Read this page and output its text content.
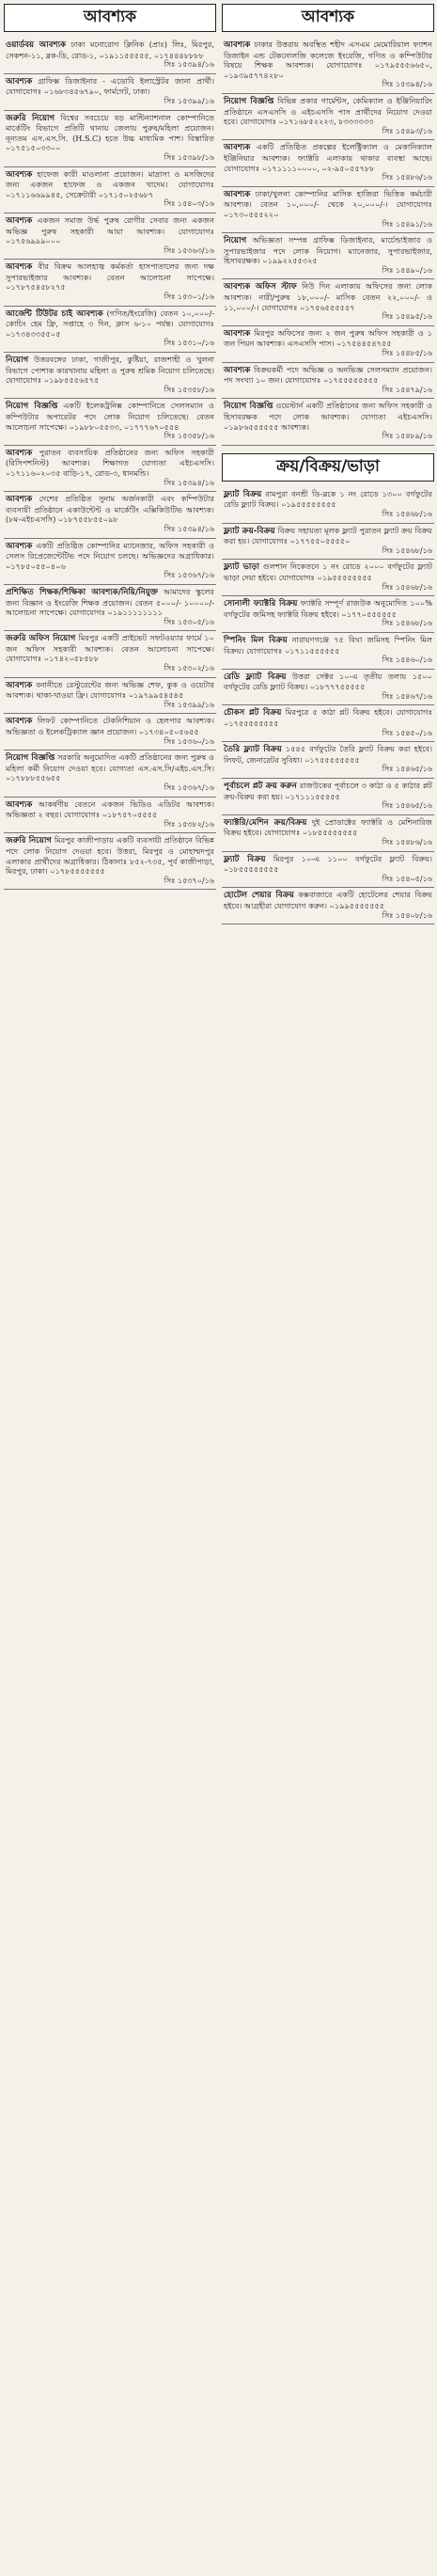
আবশ্যক
ওয়ার্ডবয় আবশ্যক ঢাকা মনোরোগ ক্লিনিক (প্রাঃ) লিঃ, মিরপুর, সেকশন-১১, ব্লক-ডি, রোড-১, ০১৯১১৫৫৫৫৫, ০১৭৪৪৪৮৮৮৮
সিঃ ১৫৩৯৪/১৬
আবশ্যক গ্রাফিক্স ডিজাইনার - এডোবি ইলাস্ট্রেটর জানা প্রার্থী। যোগাযোগঃ ০১৬৮৩৪৫৬৭৯০, ফার্মগেট, ঢাকা।
সিঃ ১৫৩৯৯/১৬
জরুরি নিয়োগ বিশ্বের সবচেয়ে বড় মাল্টিন্যাশনাল কোম্পানিতে মার্কেটিং বিভাগে প্রতিটি থানায় জেলায় পুরুষ/মহিলা প্রয়োজন। নূন্যতম এস.এস.সি. (H.S.C) হতে উচ্চ মাধ্যমিক পাশ। বিস্তারিত ০১৭৫১৫০৩৩০০
সিঃ ১৫৩৯৮/১৬
আবশ্যক হাফেজ কারী মাওলানা প্রয়োজন। মাদ্রাসা ও মসজিদের জন্য একজন হাফেজ ও একজন খাদেম। যোগাযোগঃ ০১৭১১৬৬৯৯৪৫, সেক্রেটারী ০১৭১৫০২৫৬৮৭
সিঃ ১৫৪০৩/১৬
আবশ্যক একজন সমাজ উর্দ্ধ পুরুষ রোগীর সেবার জন্য একজন অভিজ্ঞ পুরুষ সহকারী আয়া আবশ্যক। যোগাযোগঃ ০১৭৫৬৯৯৯০০০
সিঃ ১৫৩৬৩/১৬
আবশ্যক বীর বিক্রম আলহাজ্ব কর্মকর্তা হাসপাতালের জন্য দক্ষ সুপারভাইজার আবশ্যক। বেতন আলোচনা সাপেক্ষে। ০১৭৮৭৫৪৫৮২৭৫
সিঃ ১৫৩০১/১৬
আর্জেন্ট টিউটর চাই আবশ্যক (গণিত/ইংরেজি) বেতন ১০,০০০/- কোচিং হেম ফ্রি, সপ্তাহে ৩ দিন, ক্লাস ৬-১০ পর্যন্ত। যোগাযোগঃ ০১৭৩৪৩৩৫৫০৫
সিঃ ১৫৩১০/১৬
নিয়োগ উত্তরবঙ্গের ঢাকা, গাজীপুর, কুষ্টিয়া, রাজশাহী ও খুলনা বিভাগে পোশাক কারখানায় মহিলা ও পুরুষ শ্রমিক নিয়োগ চলিতেছে। যোগাযোগঃ ০১৯৮৫৫৫৬৫৭৫
সিঃ ১৫৩৫৮/১৬
নিয়োগ বিজ্ঞপ্তি একটি ইলেকট্রনিক্স কোম্পানিতে সেলসম্যান ও কম্পিউটার অপারেটর পদে লোক নিয়োগ চলিতেছে। বেতন আলোচনা সাপেক্ষে। ০১৯৮৮০৫৫৩৩, ০১৭৭৭৬৭০৫৫৪
সিঃ ১৫৩৫৮/১৬
আবশ্যক পুরাতন ব্যবসায়িক প্রতিষ্ঠানের জন্য অফিস সহকারী (রিসিপশনিস্ট) আবশ্যক। শিক্ষাগত যোগ্যতা এইচএসসি। ০১৭১১৬০২০৩৫ বাড়ি-১৭, রোড-৩, ধানমন্ডি।
সিঃ ১৫৩৯৪/১৬
আবশ্যক দেশের প্রতিষ্ঠিত সুনাম অর্জনকারী এবং কম্পিউটার ব্যবসায়ী প্রতিষ্ঠানে একাউন্টেন্ট ও মার্কেটিং এক্সিকিউটিভ আবশ্যক। (৮ম-এইচএসসি) ০১৮৭৫৫৮৫৫০৯৮
সিঃ ১৫৩৯৪/১৬
আবশ্যক একটি প্রতিষ্ঠিত কোম্পানির ম্যানেজার, অফিস সহকারী ও সেলস রিপ্রেজেন্টেটিভ পদে নিয়োগ চলছে। অভিজ্ঞদের অগ্রাধিকার। ০১৭৮৫০৫৫০৪০৬
সিঃ ১৫৩৬৭/১৬
প্রশিক্ষিত শিক্ষক/শিক্ষিকা আবশ্যক/নিয়ি/নিযুক্ত আমাদের স্কুলের জন্য বিজ্ঞান ও ইংরেজি শিক্ষক প্রয়োজন। বেতন ৫০০০/- ১০০০০/- আলোচনা সাপেক্ষে। যোগাযোগঃ ০১৯১১১১১১১১
সিঃ ১৫৩০৫/১৬
জরুরি অফিস নিয়োগ মিরপুর একটি প্রাইভেট সফটওয়্যার ফার্মে ১০ জন অফিস সহকারী আবশ্যক। বেতন আলোচনা সাপেক্ষে। যোগাযোগঃ ০১৭৪২০৫৮৫৮৮
সিঃ ১৫৩০২/১৬
আবশ্যক বনানীতে রেস্টুরেন্টের জন্য অভিজ্ঞ শেফ, কুক ও ওয়েটার আবশ্যক। থাকা-খাওয়া ফ্রি। যোগাযোগঃ ০১৯৭৯৯৫৪৫৪৫
সিঃ ১৫৩৯৯/১৬
আবশ্যক লিফট কোম্পানিতে টেকনিশিয়ান ও হেলপার আবশ্যক। অভিজ্ঞতা ও ইলেকট্রিক্যাল জ্ঞান প্রয়োজন। ০১৭৩৪০৫০৫৬৫৫
সিঃ ১৫৩৬০/১৬
নিয়োগ বিজ্ঞপ্তি সরকারি অনুমোদিত একটি প্রতিষ্ঠানের জন্য পুরুষ ও মহিলা কর্মী নিয়োগ দেওয়া হবে। যোগ্যতা এস.এস.সি/এইচ.এস.সি। ০১৭৮৮৮৫৫৬৫৫
সিঃ ১৫৩৬৭/১৬
আবশ্যক আকর্ষণীয় বেতনে একজন ভিডিও এডিটর আবশ্যক। অভিজ্ঞতা ২ বছর। যোগাযোগঃ ০১৮৭৫৭০৫৫৫৫
সিঃ ১৫৩৮২/১৬
জরুরি নিয়োগ মিরপুর কাজীপাড়ায় একটি ব্যবসায়ী প্রতিষ্ঠানে বিভিন্ন পদে লোক নিয়োগ দেওয়া হবে। উত্তরা, মিরপুর ও মোহাম্মদপুর এলাকার প্রার্থীদের অগ্রাধিকার। ঠিকানাঃ ৮৫২-৭৩৫, পূর্ব কাজীপাড়া, মিরপুর, ঢাকা। ০১৭৮৫৫৫৫৫৫৫
সিঃ ১৫৩৭০/১৬
আবশ্যক
আবশ্যক ঢাকার উত্তরায় অবস্থিত শহীদ এসএম মেমোরিয়াল ফ্যাশন ডিজাইন এন্ড টেকনোলজি কলেজে ইংরেজি, গণিত ও কম্পিউটার বিষয়ে শিক্ষক আবশ্যক। যোগাযোগঃ ০১৭৯৫৫৫৬৬৫০, ০১৯৩৯৫৭৭৪২৮০
সিঃ ১৫৩৯৪/১৬
নিয়োগ বিজ্ঞপ্তি বিভিন্ন প্রকার গার্মেন্টস, কেমিক্যাল ও ইঞ্জিনিয়ারিং প্রতিষ্ঠানে এসএসসি ও এইচএসসি পাস প্রার্থীদের নিয়োগ দেওয়া হবে। যোগাযোগঃ ০১৭১৬৮৫২২২৩, ৮৩৩৩৩৩৩
সিঃ ১৫৪৯৩/১৬
আবশ্যক একটি প্রতিষ্ঠিত প্রকল্পের ইলেক্ট্রিক্যাল ও মেকানিক্যাল ইঞ্জিনিয়ার আবশ্যক। ফ্যাক্টরি এলাকায় থাকার ব্যবস্থা আছে। যোগাযোগঃ ০১৭১১১১০০০০, ০২-৯৫০৫৫৭৮৮
সিঃ ১৫৪৮৬/১৬
আবশ্যক ঢাকা/খুলনা কোম্পানির মাসিক হাজিরা ভিত্তিক কর্মচারী আবশ্যক। বেতন ১০,০০০/- থেকে ২০,০০০/-। যোগাযোগঃ ০১৭৩০৫৫৫২২০
সিঃ ১৫৪৯১/১৬
নিয়োগ অভিজ্ঞতা সম্পন্ন গ্রাফিক্স ডিজাইনার, মার্চেন্ডাইজার ও সুপারভাইজার পদে লোক নিয়োগ। ম্যানেজার, সুপারভাইজার, হিসাবরক্ষক। ০১৯৯২২৫৫৩২৫
সিঃ ১৫৪৯০/১৬
আবশ্যক অফিস স্টাফ নিউ দিন এলাকায় অফিসের জন্য লোক আবশ্যক। নারী/পুরুষ ১৮,০০০/- মাসিক বেতন ২২,০০০/- ও ১১,০০০/-। যোগাযোগঃ ০১৭৫৬৫৫৫৫৫৭
সিঃ ১৫৪৯৫/১৬
আবশ্যক মিরপুর অফিসের জন্য ২ জন পুরুষ অফিস সহকারী ও ১ জন পিয়ন আবশ্যক। এসএসসি পাস। ০১৭৫৪৪৫৪৭৫৫
সিঃ ১৫৪৮৫/১৬
আবশ্যক বিক্রয়কর্মী পদে অভিজ্ঞ ও অনভিজ্ঞ সেলসম্যান প্রয়োজন। পদ সংখ্যা ১০ জন। যোগাযোগঃ ০১৭৫৫৫৫৫৫৫৫
সিঃ ১৫৪৭৯/১৬
নিয়োগ বিজ্ঞপ্তি ওয়েস্টার্ন একটি প্রতিষ্ঠানের জন্য অফিস সহকারী ও হিসাবরক্ষক পদে লোক আবশ্যক। যোগ্যতা এইচএসসি। ০১৯৮৬৫৫৫৫৫৫ আবশ্যক।
সিঃ ১৫৪৮৯/১৬
ক্রয়/বিক্রয়/ভাড়া
ফ্ল্যাট বিক্রয় রামপুরা বনশ্রী ডি-ব্লকে ১ নং রোডে ১৩০০ বর্গফুটের রেডি ফ্ল্যাট বিক্রয়। ০১৯৫৫৫৫৫৫৫৫
সিঃ ১৫৪৬৮/১৬
ফ্ল্যাট ক্রয়-বিক্রয় বিক্রয় সহায়তা মূলক ফ্ল্যাট পুরাতন ফ্ল্যাট ক্রয় বিক্রয় করা হয়। যোগাযোগঃ ০১৭৭৫৫০৫৫৫৫০
সিঃ ১৫৪৬৮/১৬
ফ্ল্যাট ভাড়া গুলশান নিকেতনে ১ নং রোডে ২০০০ বর্গফুটের ফ্ল্যাট ভাড়া দেয়া হইবে। যোগাযোগঃ ০১৯৫৫৫৫৫৫৫৫
সিঃ ১৫৪৬৮/১৬
সোনালী ফ্যাক্টরি বিক্রয় ফ্যাক্টরি সম্পূর্ণ রাজউক অনুমোদিত ১০০% বর্গফুটের জমিসহ ফ্যাক্টরি বিক্রয় হইবে। ০১৭৭০৫৫৫৫৫৫
সিঃ ১৫৪৬৮/১৬
স্পিনিং মিল বিক্রয় নারায়ণগঞ্জে ৭৫ বিঘা জমিসহ স্পিনিং মিল বিক্রয়। যোগাযোগঃ ০১৭১১৫৫৫৫৫৫
সিঃ ১৫৪৬০/১৬
রেডি ফ্ল্যাট বিক্রয় উত্তরা সেক্টর ১০-এ তৃতীয় তলায় ১৫০০ বর্গফুটের রেডি ফ্ল্যাট বিক্রয়। ০১৮৭৭৭৫৫৫৫৫
সিঃ ১৫৪৬৭/১৬
চৌকস প্লট বিক্রয় মিরপুরে ৫ কাঠা প্লট বিক্রয় হইবে। যোগাযোগঃ ০১৭৫৫৫৫৫৫৫৫
সিঃ ১৫৪৫০/১৬
তৈরি ফ্ল্যাট বিক্রয় ১৫৪৫ বর্গফুটের তৈরি ফ্ল্যাট বিক্রয় করা হইবে। লিফট, জেনারেটর সুবিধা। ০১৭৫৫৫৫৫৫৫৫
সিঃ ১৫৪৬৫/১৬
পূর্বাচলে প্লট ক্রয় করুন রাজউকের পূর্বাচলে ৩ কাঠা ও ৫ কাঠার প্লট ক্রয়-বিক্রয় করা হয়। ০১৭১১১৫৫৫৫৫
সিঃ ১৫৪৬৫/১৬
ফ্যাক্টরি/মেশিন ক্রয়/বিক্রয় দুই প্রোডাক্টের ফ্যাক্টরি ও মেশিনারিজ বিক্রয় হইবে। যোগাযোগঃ ০১৮৫৫৫৫৫৫৫৫
সিঃ ১৫৪৮৬/১৬
ফ্ল্যাট বিক্রয় মিরপুর ১০-এ ১১০০ বর্গফুটের ফ্ল্যাট বিক্রয়। ০১৮৫৫৫৫৫৫৫৫
সিঃ ১৫৪০৫/১৬
হোটেল শেয়ার বিক্রয় কক্সবাজারে একটি হোটেলের শেয়ার বিক্রয় হইবে। আগ্রহীরা যোগাযোগ করুন। ০১৯৯৫৫৫৫৫৫৫
সিঃ ১৫৪০৮/১৬
